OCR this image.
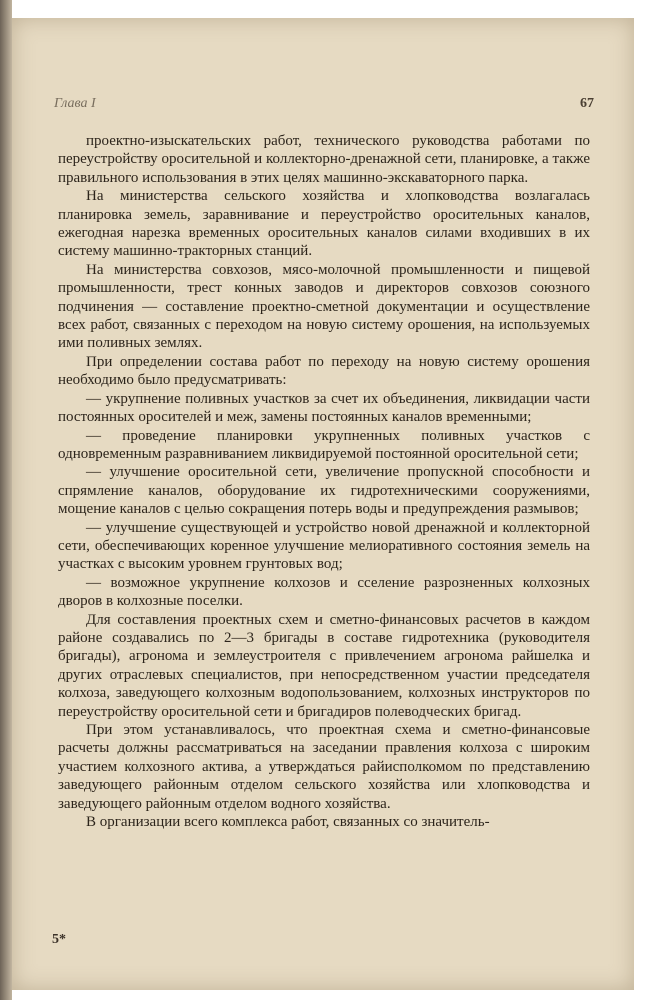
Глава I	67

проектно-изыскательских работ, технического руководства работами по переустройству оросительной и коллекторно-дренажной сети, планировке, а также правильного использования в этих целях машинно-экскаваторного парка.

На министерства сельского хозяйства и хлопководства возлагалась планировка земель, заравнивание и переустройство оросительных каналов, ежегодная нарезка временных оросительных каналов силами входивших в их систему машинно-тракторных станций.

На министерства совхозов, мясо-молочной промышленности и пищевой промышленности, трест конных заводов и директоров совхозов союзного подчинения — составление проектно-сметной документации и осуществление всех работ, связанных с переходом на новую систему орошения, на используемых ими поливных землях.

При определении состава работ по переходу на новую систему орошения необходимо было предусматривать:

— укрупнение поливных участков за счет их объединения, ликвидации части постоянных оросителей и меж, замены постоянных каналов временными;

— проведение планировки укрупненных поливных участков с одновременным разравниванием ликвидируемой постоянной оросительной сети;

— улучшение оросительной сети, увеличение пропускной способности и спрямление каналов, оборудование их гидротехническими сооружениями, мощение каналов с целью сокращения потерь воды и предупреждения размывов;

— улучшение существующей и устройство новой дренажной и коллекторной сети, обеспечивающих коренное улучшение мелиоративного состояния земель на участках с высоким уровнем грунтовых вод;

— возможное укрупнение колхозов и сселение разрозненных колхозных дворов в колхозные поселки.

Для составления проектных схем и сметно-финансовых расчетов в каждом районе создавались по 2—3 бригады в составе гидротехника (руководителя бригады), агронома и землеустроителя с привлечением агронома райшелка и других отраслевых специалистов, при непосредственном участии председателя колхоза, заведующего колхозным водопользованием, колхозных инструкторов по переустройству оросительной сети и бригадиров полеводческих бригад.

При этом устанавливалось, что проектная схема и сметно-финансовые расчеты должны рассматриваться на заседании правления колхоза с широким участием колхозного актива, а утверждаться райисполкомом по представлению заведующего районным отделом сельского хозяйства или хлопководства и заведующего районным отделом водного хозяйства.

В организации всего комплекса работ, связанных со значитель-

5*
